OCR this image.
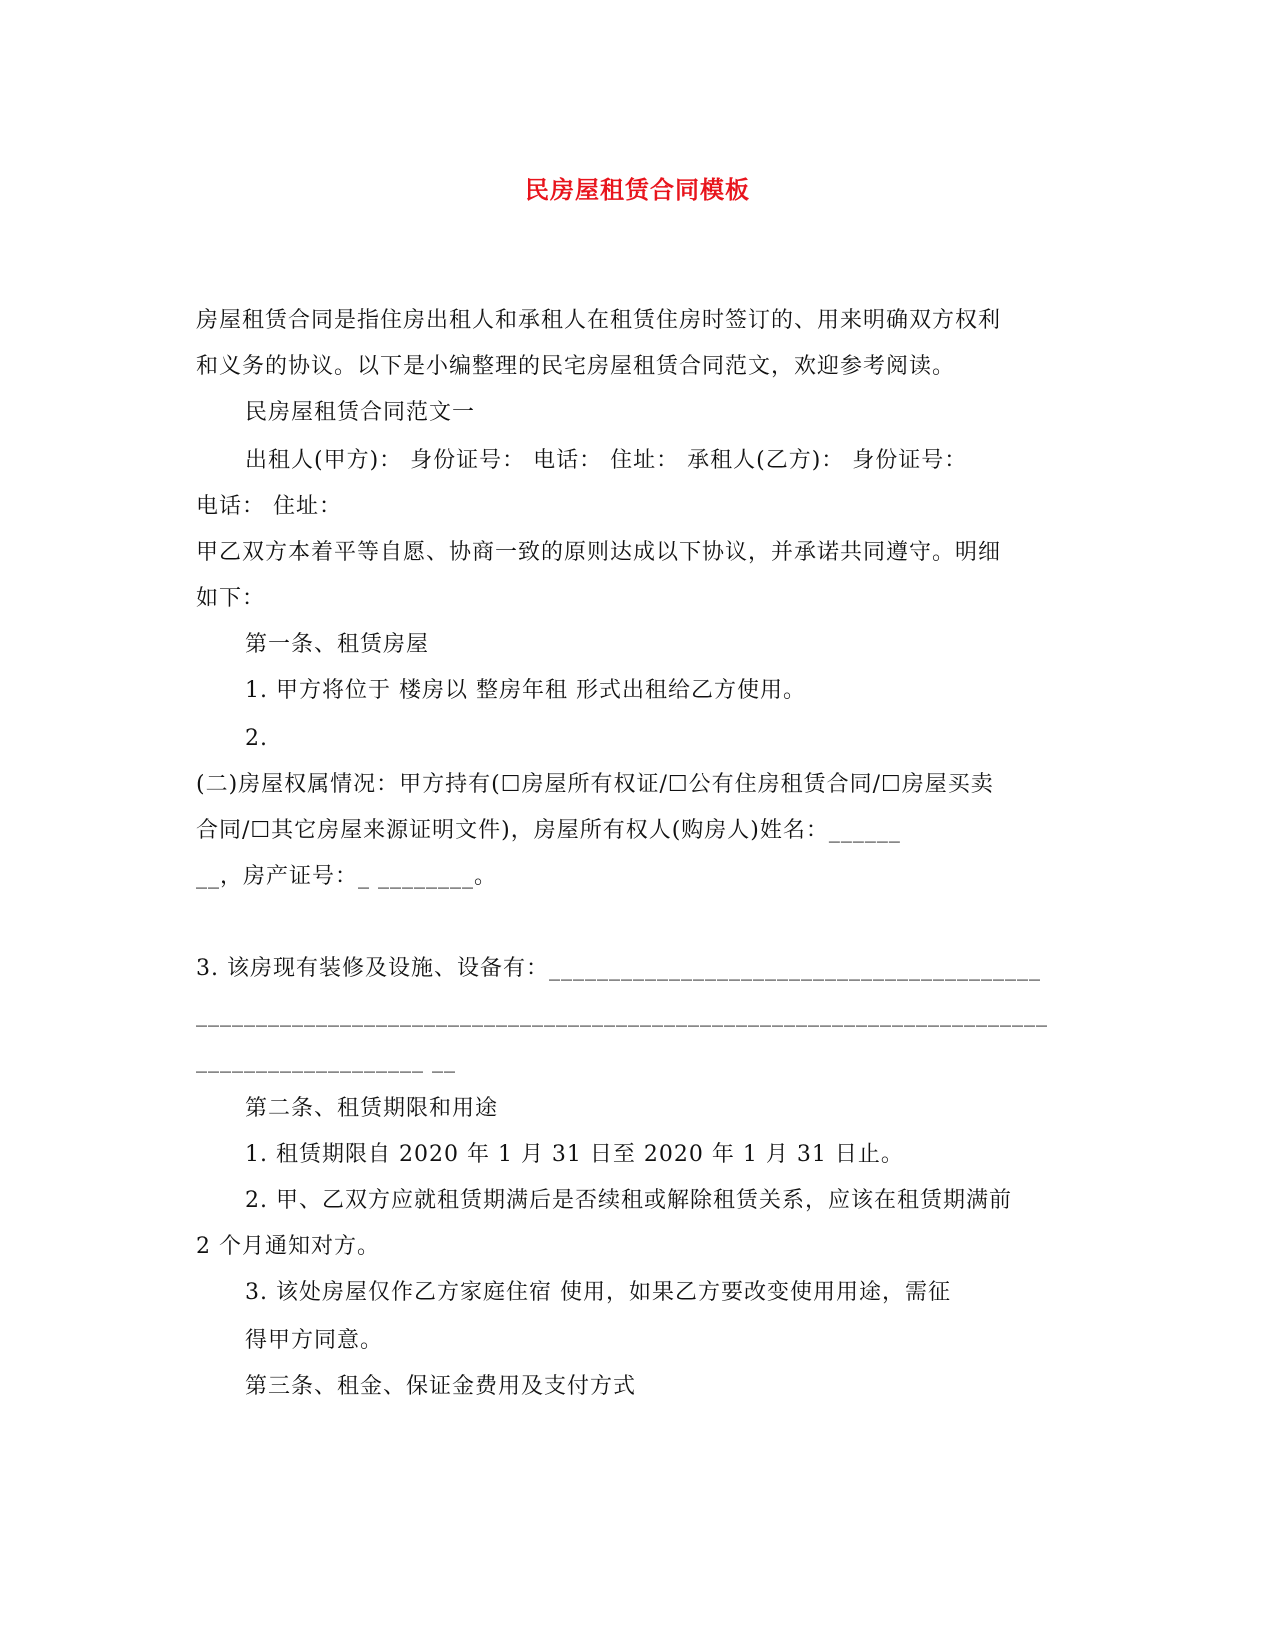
民房屋租赁合同模板
房屋租赁合同是指住房出租人和承租人在租赁住房时签订的、用来明确双方权利
和义务的协议。以下是小编整理的民宅房屋租赁合同范文，欢迎参考阅读。
民房屋租赁合同范文一
出租人(甲方)： 身份证号： 电话： 住址： 承租人(乙方)： 身份证号：
电话： 住址：
甲乙双方本着平等自愿、协商一致的原则达成以下协议，并承诺共同遵守。明细
如下：
第一条、租赁房屋
1. 甲方将位于 楼房以 整房年租 形式出租给乙方使用。
2.
(二)房屋权属情况：甲方持有(☐房屋所有权证/☐公有住房租赁合同/☐房屋买卖
合同/☐其它房屋来源证明文件)，房屋所有权人(购房人)姓名：______
__，房产证号：_ ________。
3. 该房现有装修及设施、设备有：_________________________________________
_______________________________________________________________________
___________________ __
第二条、租赁期限和用途
1. 租赁期限自 2020 年 1 月 31 日至 2020 年 1 月 31 日止。
2. 甲、乙双方应就租赁期满后是否续租或解除租赁关系，应该在租赁期满前
2 个月通知对方。
3. 该处房屋仅作乙方家庭住宿 使用，如果乙方要改变使用用途，需征
得甲方同意。
第三条、租金、保证金费用及支付方式
